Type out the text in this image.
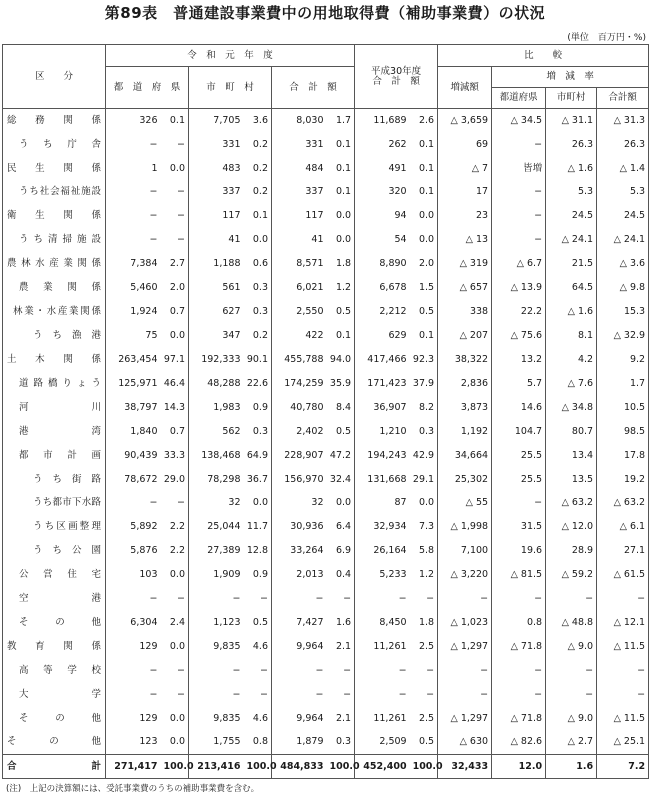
第89表　普通建設事業費中の用地取得費（補助事業費）の状況
(単位　百万円・%)
区　　分	令　和　元　年　度						平成30年度
合　計　額		比　　較			
	都　道　府　県		市　町　村		合　計　額				増減額	増　減　率		
										都道府県	市町村	合計額
総務関係	326	0.1	7,705	3.6	8,030	1.7	11,689	2.6	△ 3,659	△ 34.5	△ 31.1	△ 31.3
うち庁舎	−	−	331	0.2	331	0.1	262	0.1	69	−	26.3	26.3
民生関係	1	0.0	483	0.2	484	0.1	491	0.1	△ 7	皆増	△ 1.6	△ 1.4
うち社会福祉施設	−	−	337	0.2	337	0.1	320	0.1	17	−	5.3	5.3
衛生関係	−	−	117	0.1	117	0.0	94	0.0	23	−	24.5	24.5
うち清掃施設	−	−	41	0.0	41	0.0	54	0.0	△ 13	−	△ 24.1	△ 24.1
農林水産業関係	7,384	2.7	1,188	0.6	8,571	1.8	8,890	2.0	△ 319	△ 6.7	21.5	△ 3.6
農業関係	5,460	2.0	561	0.3	6,021	1.2	6,678	1.5	△ 657	△ 13.9	64.5	△ 9.8
林業・水産業関係	1,924	0.7	627	0.3	2,550	0.5	2,212	0.5	338	22.2	△ 1.6	15.3
うち漁港	75	0.0	347	0.2	422	0.1	629	0.1	△ 207	△ 75.6	8.1	△ 32.9
土木関係	263,454	97.1	192,333	90.1	455,788	94.0	417,466	92.3	38,322	13.2	4.2	9.2
道路橋りょう	125,971	46.4	48,288	22.6	174,259	35.9	171,423	37.9	2,836	5.7	△ 7.6	1.7
河川	38,797	14.3	1,983	0.9	40,780	8.4	36,907	8.2	3,873	14.6	△ 34.8	10.5
港湾	1,840	0.7	562	0.3	2,402	0.5	1,210	0.3	1,192	104.7	80.7	98.5
都市計画	90,439	33.3	138,468	64.9	228,907	47.2	194,243	42.9	34,664	25.5	13.4	17.8
うち街路	78,672	29.0	78,298	36.7	156,970	32.4	131,668	29.1	25,302	25.5	13.5	19.2
うち都市下水路	−	−	32	0.0	32	0.0	87	0.0	△ 55	−	△ 63.2	△ 63.2
うち区画整理	5,892	2.2	25,044	11.7	30,936	6.4	32,934	7.3	△ 1,998	31.5	△ 12.0	△ 6.1
うち公園	5,876	2.2	27,389	12.8	33,264	6.9	26,164	5.8	7,100	19.6	28.9	27.1
公営住宅	103	0.0	1,909	0.9	2,013	0.4	5,233	1.2	△ 3,220	△ 81.5	△ 59.2	△ 61.5
空港	−	−	−	−	−	−	−	−	−	−	−	−
その他	6,304	2.4	1,123	0.5	7,427	1.6	8,450	1.8	△ 1,023	0.8	△ 48.8	△ 12.1
教育関係	129	0.0	9,835	4.6	9,964	2.1	11,261	2.5	△ 1,297	△ 71.8	△ 9.0	△ 11.5
高等学校	−	−	−	−	−	−	−	−	−	−	−	−
大学	−	−	−	−	−	−	−	−	−	−	−	−
その他	129	0.0	9,835	4.6	9,964	2.1	11,261	2.5	△ 1,297	△ 71.8	△ 9.0	△ 11.5
その他	123	0.0	1,755	0.8	1,879	0.3	2,509	0.5	△ 630	△ 82.6	△ 2.7	△ 25.1
合計	271,417	100.0	213,416	100.0	484,833	100.0	452,400	100.0	32,433	12.0	1.6	7.2
(注)　上記の決算額には、受託事業費のうちの補助事業費を含む。
